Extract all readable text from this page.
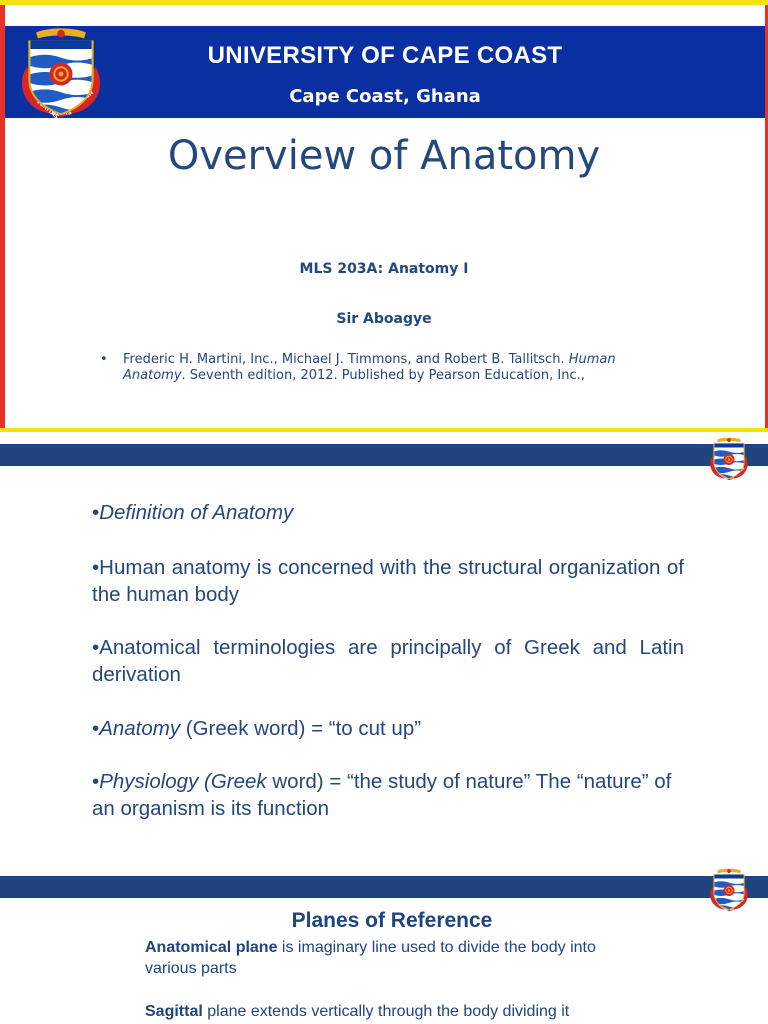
UNIVERSITY OF CAPE COAST
Cape Coast, Ghana
Overview of Anatomy
MLS 203A: Anatomy I
Sir Aboagye
• Frederic H. Martini, Inc., Michael J. Timmons, and Robert B. Tallitsch. Human Anatomy. Seventh edition, 2012. Published by Pearson Education, Inc.,
•Definition of Anatomy
•Human anatomy is concerned with the structural organization of the human body
•Anatomical terminologies are principally of Greek and Latin derivation
•Anatomy (Greek word) = “to cut up”
•Physiology (Greek word) = “the study of nature” The “nature” of an organism is its function
Planes of Reference
Anatomical plane is imaginary line used to divide the body into various parts
Sagittal plane extends vertically through the body dividing it
